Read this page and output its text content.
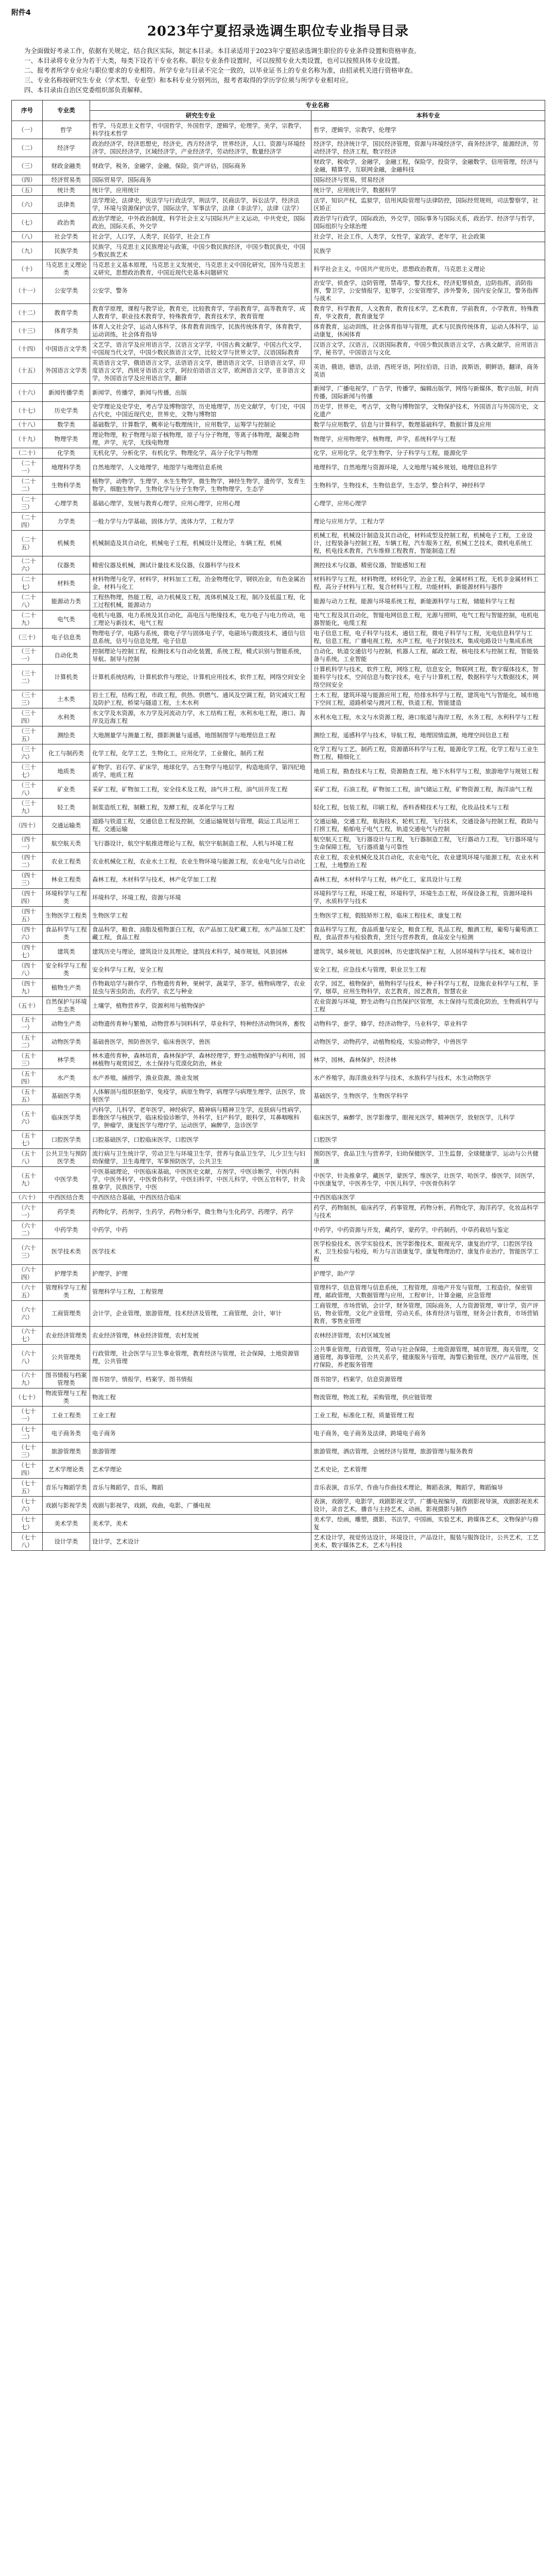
附件4
2023年宁夏招录选调生职位专业指导目录

为全面做好考录工作，依据有关规定，结合我区实际，制定本目录。本目录适用于2023年宁夏招录选调生职位的专业条件设置和资格审查。

一、本目录将专业分为若干大类，每类下设若干专业名称。职位专业条件设置时，可以按照专业大类设置，也可以按照具体专业设置。

二、报考者所学专业应与职位要求的专业相符。所学专业与目录不完全一致的，以毕业证书上的专业名称为准，由招录机关进行资格审查。

三、专业名称按研究生专业（学术型、专业型）和本科专业分别列出，报考者取得的学历学位须与所学专业相对应。

四、本目录由自治区党委组织部负责解释。

序号	专业类	专业名称	
		研究生专业	本科专业
（一）	哲学	哲学，马克思主义哲学，中国哲学，外国哲学，逻辑学，伦理学，美学，宗教学，科学技术哲学	哲学，逻辑学，宗教学，伦理学
（二）	经济学	政治经济学，经济思想史，经济史，西方经济学，世界经济，人口、资源与环境经济学，国民经济学，区域经济学，产业经济学，劳动经济学，数量经济学	经济学，经济统计学，国民经济管理，资源与环境经济学，商务经济学，能源经济，劳动经济学，经济工程，数字经济
（三）	财政金融类	财政学，税务，金融学，金融，保险，资产评估，国际商务	财政学，税收学，金融学，金融工程，保险学，投资学，金融数学，信用管理，经济与金融，精算学，互联网金融，金融科技
（四）	经济贸易类	国际贸易学，国际商务	国际经济与贸易，贸易经济
（五）	统计类	统计学，应用统计	统计学，应用统计学，数据科学
（六）	法律类	法学理论，法律史，宪法学与行政法学，刑法学，民商法学，诉讼法学，经济法学，环境与资源保护法学，国际法学，军事法学，法律（非法学），法律（法学）	法学，知识产权，监狱学，信用风险管理与法律防控，国际经贸规则，司法警察学，社区矫正
（七）	政治类	政治学理论，中外政治制度，科学社会主义与国际共产主义运动，中共党史，国际政治，国际关系，外交学	政治学与行政学，国际政治，外交学，国际事务与国际关系，政治学、经济学与哲学，国际组织与全球治理
（八）	社会学类	社会学，人口学，人类学，民俗学，社会工作	社会学，社会工作，人类学，女性学，家政学，老年学，社会政策
（九）	民族学类	民族学，马克思主义民族理论与政策，中国少数民族经济，中国少数民族史，中国少数民族艺术	民族学
（十）	马克思主义理论类	马克思主义基本原理，马克思主义发展史，马克思主义中国化研究，国外马克思主义研究，思想政治教育，中国近现代史基本问题研究	科学社会主义，中国共产党历史，思想政治教育，马克思主义理论
（十一）	公安学类	公安学，警务	治安学，侦查学，边防管理，禁毒学，警犬技术，经济犯罪侦查，边防指挥，消防指挥，警卫学，公安情报学，犯罪学，公安管理学，涉外警务，国内安全保卫，警务指挥与战术
（十二）	教育学类	教育学原理，课程与教学论，教育史，比较教育学，学前教育学，高等教育学，成人教育学，职业技术教育学，特殊教育学，教育技术学，教育管理	教育学，科学教育，人文教育，教育技术学，艺术教育，学前教育，小学教育，特殊教育，华文教育，教育康复学
（十三）	体育学类	体育人文社会学，运动人体科学，体育教育训练学，民族传统体育学，体育教学，运动训练，社会体育指导	体育教育，运动训练，社会体育指导与管理，武术与民族传统体育，运动人体科学，运动康复，休闲体育
（十四）	中国语言文学类	文艺学，语言学及应用语言学，汉语言文字学，中国古典文献学，中国古代文学，中国现当代文学，中国少数民族语言文学，比较文学与世界文学，汉语国际教育	汉语言文学，汉语言，汉语国际教育，中国少数民族语言文学，古典文献学，应用语言学，秘书学，中国语言与文化
（十五）	外国语言文学类	英语语言文学，俄语语言文学，法语语言文学，德语语言文学，日语语言文学，印度语言文学，西班牙语语言文学，阿拉伯语语言文学，欧洲语言文学，亚非语言文学，外国语言学及应用语言学，翻译	英语，俄语，德语，法语，西班牙语，阿拉伯语，日语，波斯语，朝鲜语，翻译，商务英语
（十六）	新闻传播学类	新闻学，传播学，新闻与传播，出版	新闻学，广播电视学，广告学，传播学，编辑出版学，网络与新媒体，数字出版，时尚传播，国际新闻与传播
（十七）	历史学类	史学理论及史学史，考古学及博物馆学，历史地理学，历史文献学，专门史，中国古代史，中国近现代史，世界史，文物与博物馆	历史学，世界史，考古学，文物与博物馆学，文物保护技术，外国语言与外国历史，文化遗产
（十八）	数学类	基础数学，计算数学，概率论与数理统计，应用数学，运筹学与控制论	数学与应用数学，信息与计算科学，数理基础科学，数据计算及应用
（十九）	物理学类	理论物理，粒子物理与原子核物理，原子与分子物理，等离子体物理，凝聚态物理，声学，光学，无线电物理	物理学，应用物理学，核物理，声学，系统科学与工程
（二十）	化学类	无机化学，分析化学，有机化学，物理化学，高分子化学与物理	化学，应用化学，化学生物学，分子科学与工程，能源化学
（二十一）	地理科学类	自然地理学，人文地理学，地图学与地理信息系统	地理科学，自然地理与资源环境，人文地理与城乡规划，地理信息科学
（二十二）	生物科学类	植物学，动物学，生理学，水生生物学，微生物学，神经生物学，遗传学，发育生物学，细胞生物学，生物化学与分子生物学，生物物理学，生态学	生物科学，生物技术，生物信息学，生态学，整合科学，神经科学
（二十三）	心理学类	基础心理学，发展与教育心理学，应用心理学，应用心理	心理学，应用心理学
（二十四）	力学类	一般力学与力学基础，固体力学，流体力学，工程力学	理论与应用力学，工程力学
（二十五）	机械类	机械制造及其自动化，机械电子工程，机械设计及理论，车辆工程，机械	机械工程，机械设计制造及其自动化，材料成型及控制工程，机械电子工程，工业设计，过程装备与控制工程，车辆工程，汽车服务工程，机械工艺技术，微机电系统工程，机电技术教育，汽车维修工程教育，智能制造工程
（二十六）	仪器类	精密仪器及机械，测试计量技术及仪器，仪器科学与技术	测控技术与仪器，精密仪器，智能感知工程
（二十七）	材料类	材料物理与化学，材料学，材料加工工程，冶金物理化学，钢铁冶金，有色金属冶金，材料与化工	材料科学与工程，材料物理，材料化学，冶金工程，金属材料工程，无机非金属材料工程，高分子材料与工程，复合材料与工程，功能材料，新能源材料与器件
（二十八）	能源动力类	工程热物理，热能工程，动力机械及工程，流体机械及工程，制冷及低温工程，化工过程机械，能源动力	能源与动力工程，能源与环境系统工程，新能源科学与工程，储能科学与工程
（二十九）	电气类	电机与电器，电力系统及其自动化，高电压与绝缘技术，电力电子与电力传动，电工理论与新技术，电气工程	电气工程及其自动化，智能电网信息工程，光源与照明，电气工程与智能控制，电机电器智能化，电缆工程
（三十）	电子信息类	物理电子学，电路与系统，微电子学与固体电子学，电磁场与微波技术，通信与信息系统，信号与信息处理，电子信息	电子信息工程，电子科学与技术，通信工程，微电子科学与工程，光电信息科学与工程，信息工程，广播电视工程，水声工程，电子封装技术，集成电路设计与集成系统
（三十一）	自动化类	控制理论与控制工程，检测技术与自动化装置，系统工程，模式识别与智能系统，导航、制导与控制	自动化，轨道交通信号与控制，机器人工程，邮政工程，核电技术与控制工程，智能装备与系统，工业智能
（三十二）	计算机类	计算机系统结构，计算机软件与理论，计算机应用技术，软件工程，网络空间安全	计算机科学与技术，软件工程，网络工程，信息安全，物联网工程，数字媒体技术，智能科学与技术，空间信息与数字技术，电子与计算机工程，数据科学与大数据技术，网络空间安全
（三十三）	土木类	岩土工程，结构工程，市政工程，供热、供燃气、通风及空调工程，防灾减灾工程及防护工程，桥梁与隧道工程，土木水利	土木工程，建筑环境与能源应用工程，给排水科学与工程，建筑电气与智能化，城市地下空间工程，道路桥梁与渡河工程，铁道工程，智能建造
（三十四）	水利类	水文学及水资源，水力学及河流动力学，水工结构工程，水利水电工程，港口、海岸及近海工程	水利水电工程，水文与水资源工程，港口航道与海岸工程，水务工程，水利科学与工程
（三十五）	测绘类	大地测量学与测量工程，摄影测量与遥感，地图制图学与地理信息工程	测绘工程，遥感科学与技术，导航工程，地理国情监测，地理空间信息工程
（三十六）	化工与制药类	化学工程，化学工艺，生物化工，应用化学，工业催化，制药工程	化学工程与工艺，制药工程，资源循环科学与工程，能源化学工程，化学工程与工业生物工程，精细化工
（三十七）	地质类	矿物学、岩石学、矿床学，地球化学，古生物学与地层学，构造地质学，第四纪地质学，地质工程	地质工程，勘查技术与工程，资源勘查工程，地下水科学与工程，旅游地学与规划工程
（三十八）	矿业类	采矿工程，矿物加工工程，安全技术及工程，油气井工程，油气田开发工程	采矿工程，石油工程，矿物加工工程，油气储运工程，矿物资源工程，海洋油气工程
（三十九）	轻工类	制浆造纸工程，制糖工程，发酵工程，皮革化学与工程	轻化工程，包装工程，印刷工程，香料香精技术与工程，化妆品技术与工程
（四十）	交通运输类	道路与铁道工程，交通信息工程及控制，交通运输规划与管理，载运工具运用工程，交通运输	交通运输，交通工程，航海技术，轮机工程，飞行技术，交通设备与控制工程，救助与打捞工程，船舶电子电气工程，轨道交通电气与控制
（四十一）	航空航天类	飞行器设计，航空宇航推进理论与工程，航空宇航制造工程，人机与环境工程	航空航天工程，飞行器设计与工程，飞行器制造工程，飞行器动力工程，飞行器环境与生命保障工程，飞行器质量与可靠性
（四十二）	农业工程类	农业机械化工程，农业水土工程，农业生物环境与能源工程，农业电气化与自动化	农业工程，农业机械化及其自动化，农业电气化，农业建筑环境与能源工程，农业水利工程，土地整治工程
（四十三）	林业工程类	森林工程，木材科学与技术，林产化学加工工程	森林工程，木材科学与工程，林产化工，家具设计与工程
（四十四）	环境科学与工程类	环境科学，环境工程，资源与环境	环境科学与工程，环境工程，环境科学，环境生态工程，环保设备工程，资源环境科学，水质科学与技术
（四十五）	生物医学工程类	生物医学工程	生物医学工程，假肢矫形工程，临床工程技术，康复工程
（四十六）	食品科学与工程类	食品科学，粮食、油脂及植物蛋白工程，农产品加工及贮藏工程，水产品加工及贮藏工程，食品工程	食品科学与工程，食品质量与安全，粮食工程，乳品工程，酿酒工程，葡萄与葡萄酒工程，食品营养与检验教育，烹饪与营养教育，食品安全与检测
（四十七）	建筑类	建筑历史与理论，建筑设计及其理论，建筑技术科学，城市规划，风景园林	建筑学，城乡规划，风景园林，历史建筑保护工程，人居环境科学与技术，城市设计
（四十八）	安全科学与工程类	安全科学与工程，安全工程	安全工程，应急技术与管理，职业卫生工程
（四十九）	植物生产类	作物栽培学与耕作学，作物遗传育种，果树学，蔬菜学，茶学，植物病理学，农业昆虫与害虫防治，农药学，农艺与种业	农学，园艺，植物保护，植物科学与技术，种子科学与工程，设施农业科学与工程，茶学，烟草，应用生物科学，农艺教育，园艺教育，智慧农业
（五十）	自然保护与环境生态类	土壤学，植物营养学，资源利用与植物保护	农业资源与环境，野生动物与自然保护区管理，水土保持与荒漠化防治，生物质科学与工程
（五十一）	动物生产类	动物遗传育种与繁殖，动物营养与饲料科学，草业科学，特种经济动物饲养，畜牧	动物科学，蚕学，蜂学，经济动物学，马业科学，草业科学
（五十二）	动物医学类	基础兽医学，预防兽医学，临床兽医学，兽医	动物医学，动物药学，动植物检疫，实验动物学，中兽医学
（五十三）	林学类	林木遗传育种，森林培育，森林保护学，森林经理学，野生动植物保护与利用，园林植物与观赏园艺，水土保持与荒漠化防治，林业	林学，园林，森林保护，经济林
（五十四）	水产类	水产养殖，捕捞学，渔业资源，渔业发展	水产养殖学，海洋渔业科学与技术，水族科学与技术，水生动物医学
（五十五）	基础医学类	人体解剖与组织胚胎学，免疫学，病原生物学，病理学与病理生理学，法医学，放射医学	基础医学，生物医学，生物医学科学
（五十六）	临床医学类	内科学，儿科学，老年医学，神经病学，精神病与精神卫生学，皮肤病与性病学，影像医学与核医学，临床检验诊断学，外科学，妇产科学，眼科学，耳鼻咽喉科学，肿瘤学，康复医学与理疗学，运动医学，麻醉学，急诊医学	临床医学，麻醉学，医学影像学，眼视光医学，精神医学，放射医学，儿科学
（五十七）	口腔医学类	口腔基础医学，口腔临床医学，口腔医学	口腔医学
（五十八）	公共卫生与预防医学类	流行病与卫生统计学，劳动卫生与环境卫生学，营养与食品卫生学，儿少卫生与妇幼保健学，卫生毒理学，军事预防医学，公共卫生	预防医学，食品卫生与营养学，妇幼保健医学，卫生监督，全球健康学，运动与公共健康
（五十九）	中医学类	中医基础理论，中医临床基础，中医医史文献，方剂学，中医诊断学，中医内科学，中医外科学，中医骨伤科学，中医妇科学，中医儿科学，中医五官科学，针灸推拿学，民族医学，中医	中医学，针灸推拿学，藏医学，蒙医学，维医学，壮医学，哈医学，傣医学，回医学，中医康复学，中医养生学，中医儿科学，中医骨伤科学
（六十）	中西医结合类	中西医结合基础，中西医结合临床	中西医临床医学
（六十一）	药学类	药物化学，药剂学，生药学，药物分析学，微生物与生化药学，药理学，药学	药学，药物制剂，临床药学，药事管理，药物分析，药物化学，海洋药学，化妆品科学与技术
（六十二）	中药学类	中药学，中药	中药学，中药资源与开发，藏药学，蒙药学，中药制药，中草药栽培与鉴定
（六十三）	医学技术类	医学技术	医学检验技术，医学实验技术，医学影像技术，眼视光学，康复治疗学，口腔医学技术，卫生检验与检疫，听力与言语康复学，康复物理治疗，康复作业治疗，智能医学工程
（六十四）	护理学类	护理学，护理	护理学，助产学
（六十五）	管理科学与工程类	管理科学与工程，工程管理	管理科学，信息管理与信息系统，工程管理，房地产开发与管理，工程造价，保密管理，邮政管理，大数据管理与应用，工程审计，计算金融，应急管理
（六十六）	工商管理类	会计学，企业管理，旅游管理，技术经济及管理，工商管理，会计，审计	工商管理，市场营销，会计学，财务管理，国际商务，人力资源管理，审计学，资产评估，物业管理，文化产业管理，劳动关系，体育经济与管理，财务会计教育，市场营销教育，零售业管理
（六十七）	农业经济管理类	农业经济管理，林业经济管理，农村发展	农林经济管理，农村区域发展
（六十八）	公共管理类	行政管理，社会医学与卫生事业管理，教育经济与管理，社会保障，土地资源管理，公共管理	公共事业管理，行政管理，劳动与社会保障，土地资源管理，城市管理，海关管理，交通管理，海事管理，公共关系学，健康服务与管理，海警后勤管理，医疗产品管理，医疗保险，养老服务管理
（六十九）	图书情报与档案管理类	图书馆学，情报学，档案学，图书情报	图书馆学，档案学，信息资源管理
（七十）	物流管理与工程类	物流工程	物流管理，物流工程，采购管理，供应链管理
（七十一）	工业工程类	工业工程	工业工程，标准化工程，质量管理工程
（七十二）	电子商务类	电子商务	电子商务，电子商务及法律，跨境电子商务
（七十三）	旅游管理类	旅游管理	旅游管理，酒店管理，会展经济与管理，旅游管理与服务教育
（七十四）	艺术学理论类	艺术学理论	艺术史论，艺术管理
（七十五）	音乐与舞蹈学类	音乐与舞蹈学，音乐，舞蹈	音乐表演，音乐学，作曲与作曲技术理论，舞蹈表演，舞蹈学，舞蹈编导
（七十六）	戏剧与影视学类	戏剧与影视学，戏剧，戏曲，电影，广播电视	表演，戏剧学，电影学，戏剧影视文学，广播电视编导，戏剧影视导演，戏剧影视美术设计，录音艺术，播音与主持艺术，动画，影视摄影与制作
（七十七）	美术学类	美术学，美术	美术学，绘画，雕塑，摄影，书法学，中国画，实验艺术，跨媒体艺术，文物保护与修复
（七十八）	设计学类	设计学，艺术设计	艺术设计学，视觉传达设计，环境设计，产品设计，服装与服饰设计，公共艺术，工艺美术，数字媒体艺术，艺术与科技
